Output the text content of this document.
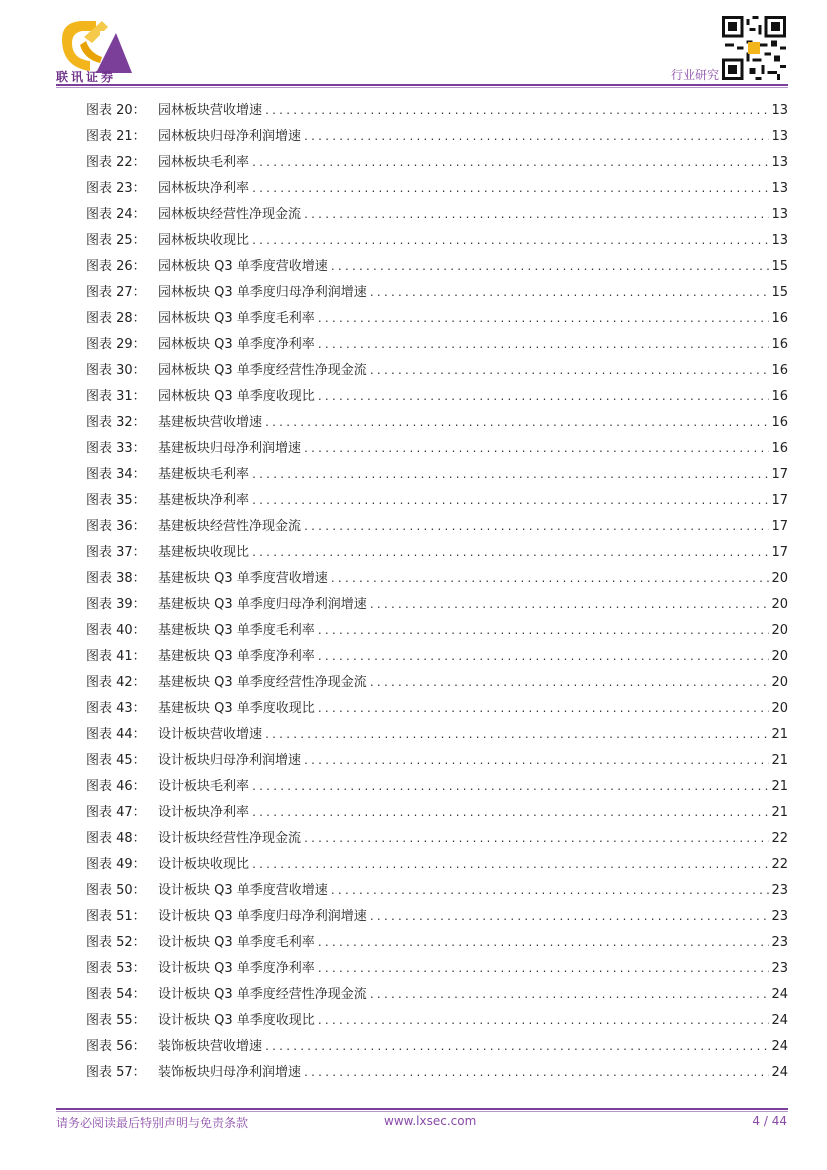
联讯证券	行业研究
图表 20： 园林板块营收增速 .....	13
图表 21： 园林板块归母净利润增速 .....	13
图表 22： 园林板块毛利率 .....	13
图表 23： 园林板块净利率 .....	13
图表 24： 园林板块经营性净现金流 .....	13
图表 25： 园林板块收现比 .....	13
图表 26： 园林板块 Q3 单季度营收增速 .....	15
图表 27： 园林板块 Q3 单季度归母净利润增速 .....	15
图表 28： 园林板块 Q3 单季度毛利率 .....	16
图表 29： 园林板块 Q3 单季度净利率 .....	16
图表 30： 园林板块 Q3 单季度经营性净现金流 .....	16
图表 31： 园林板块 Q3 单季度收现比 .....	16
图表 32： 基建板块营收增速 .....	16
图表 33： 基建板块归母净利润增速 .....	16
图表 34： 基建板块毛利率 .....	17
图表 35： 基建板块净利率 .....	17
图表 36： 基建板块经营性净现金流 .....	17
图表 37： 基建板块收现比 .....	17
图表 38： 基建板块 Q3 单季度营收增速 .....	20
图表 39： 基建板块 Q3 单季度归母净利润增速 .....	20
图表 40： 基建板块 Q3 单季度毛利率 .....	20
图表 41： 基建板块 Q3 单季度净利率 .....	20
图表 42： 基建板块 Q3 单季度经营性净现金流 .....	20
图表 43： 基建板块 Q3 单季度收现比 .....	20
图表 44： 设计板块营收增速 .....	21
图表 45： 设计板块归母净利润增速 .....	21
图表 46： 设计板块毛利率 .....	21
图表 47： 设计板块净利率 .....	21
图表 48： 设计板块经营性净现金流 .....	22
图表 49： 设计板块收现比 .....	22
图表 50： 设计板块 Q3 单季度营收增速 .....	23
图表 51： 设计板块 Q3 单季度归母净利润增速 .....	23
图表 52： 设计板块 Q3 单季度毛利率 .....	23
图表 53： 设计板块 Q3 单季度净利率 .....	23
图表 54： 设计板块 Q3 单季度经营性净现金流 .....	24
图表 55： 设计板块 Q3 单季度收现比 .....	24
图表 56： 装饰板块营收增速 .....	24
图表 57： 装饰板块归母净利润增速 .....	24
请务必阅读最后特别声明与免责条款	www.lxsec.com	4 / 44
